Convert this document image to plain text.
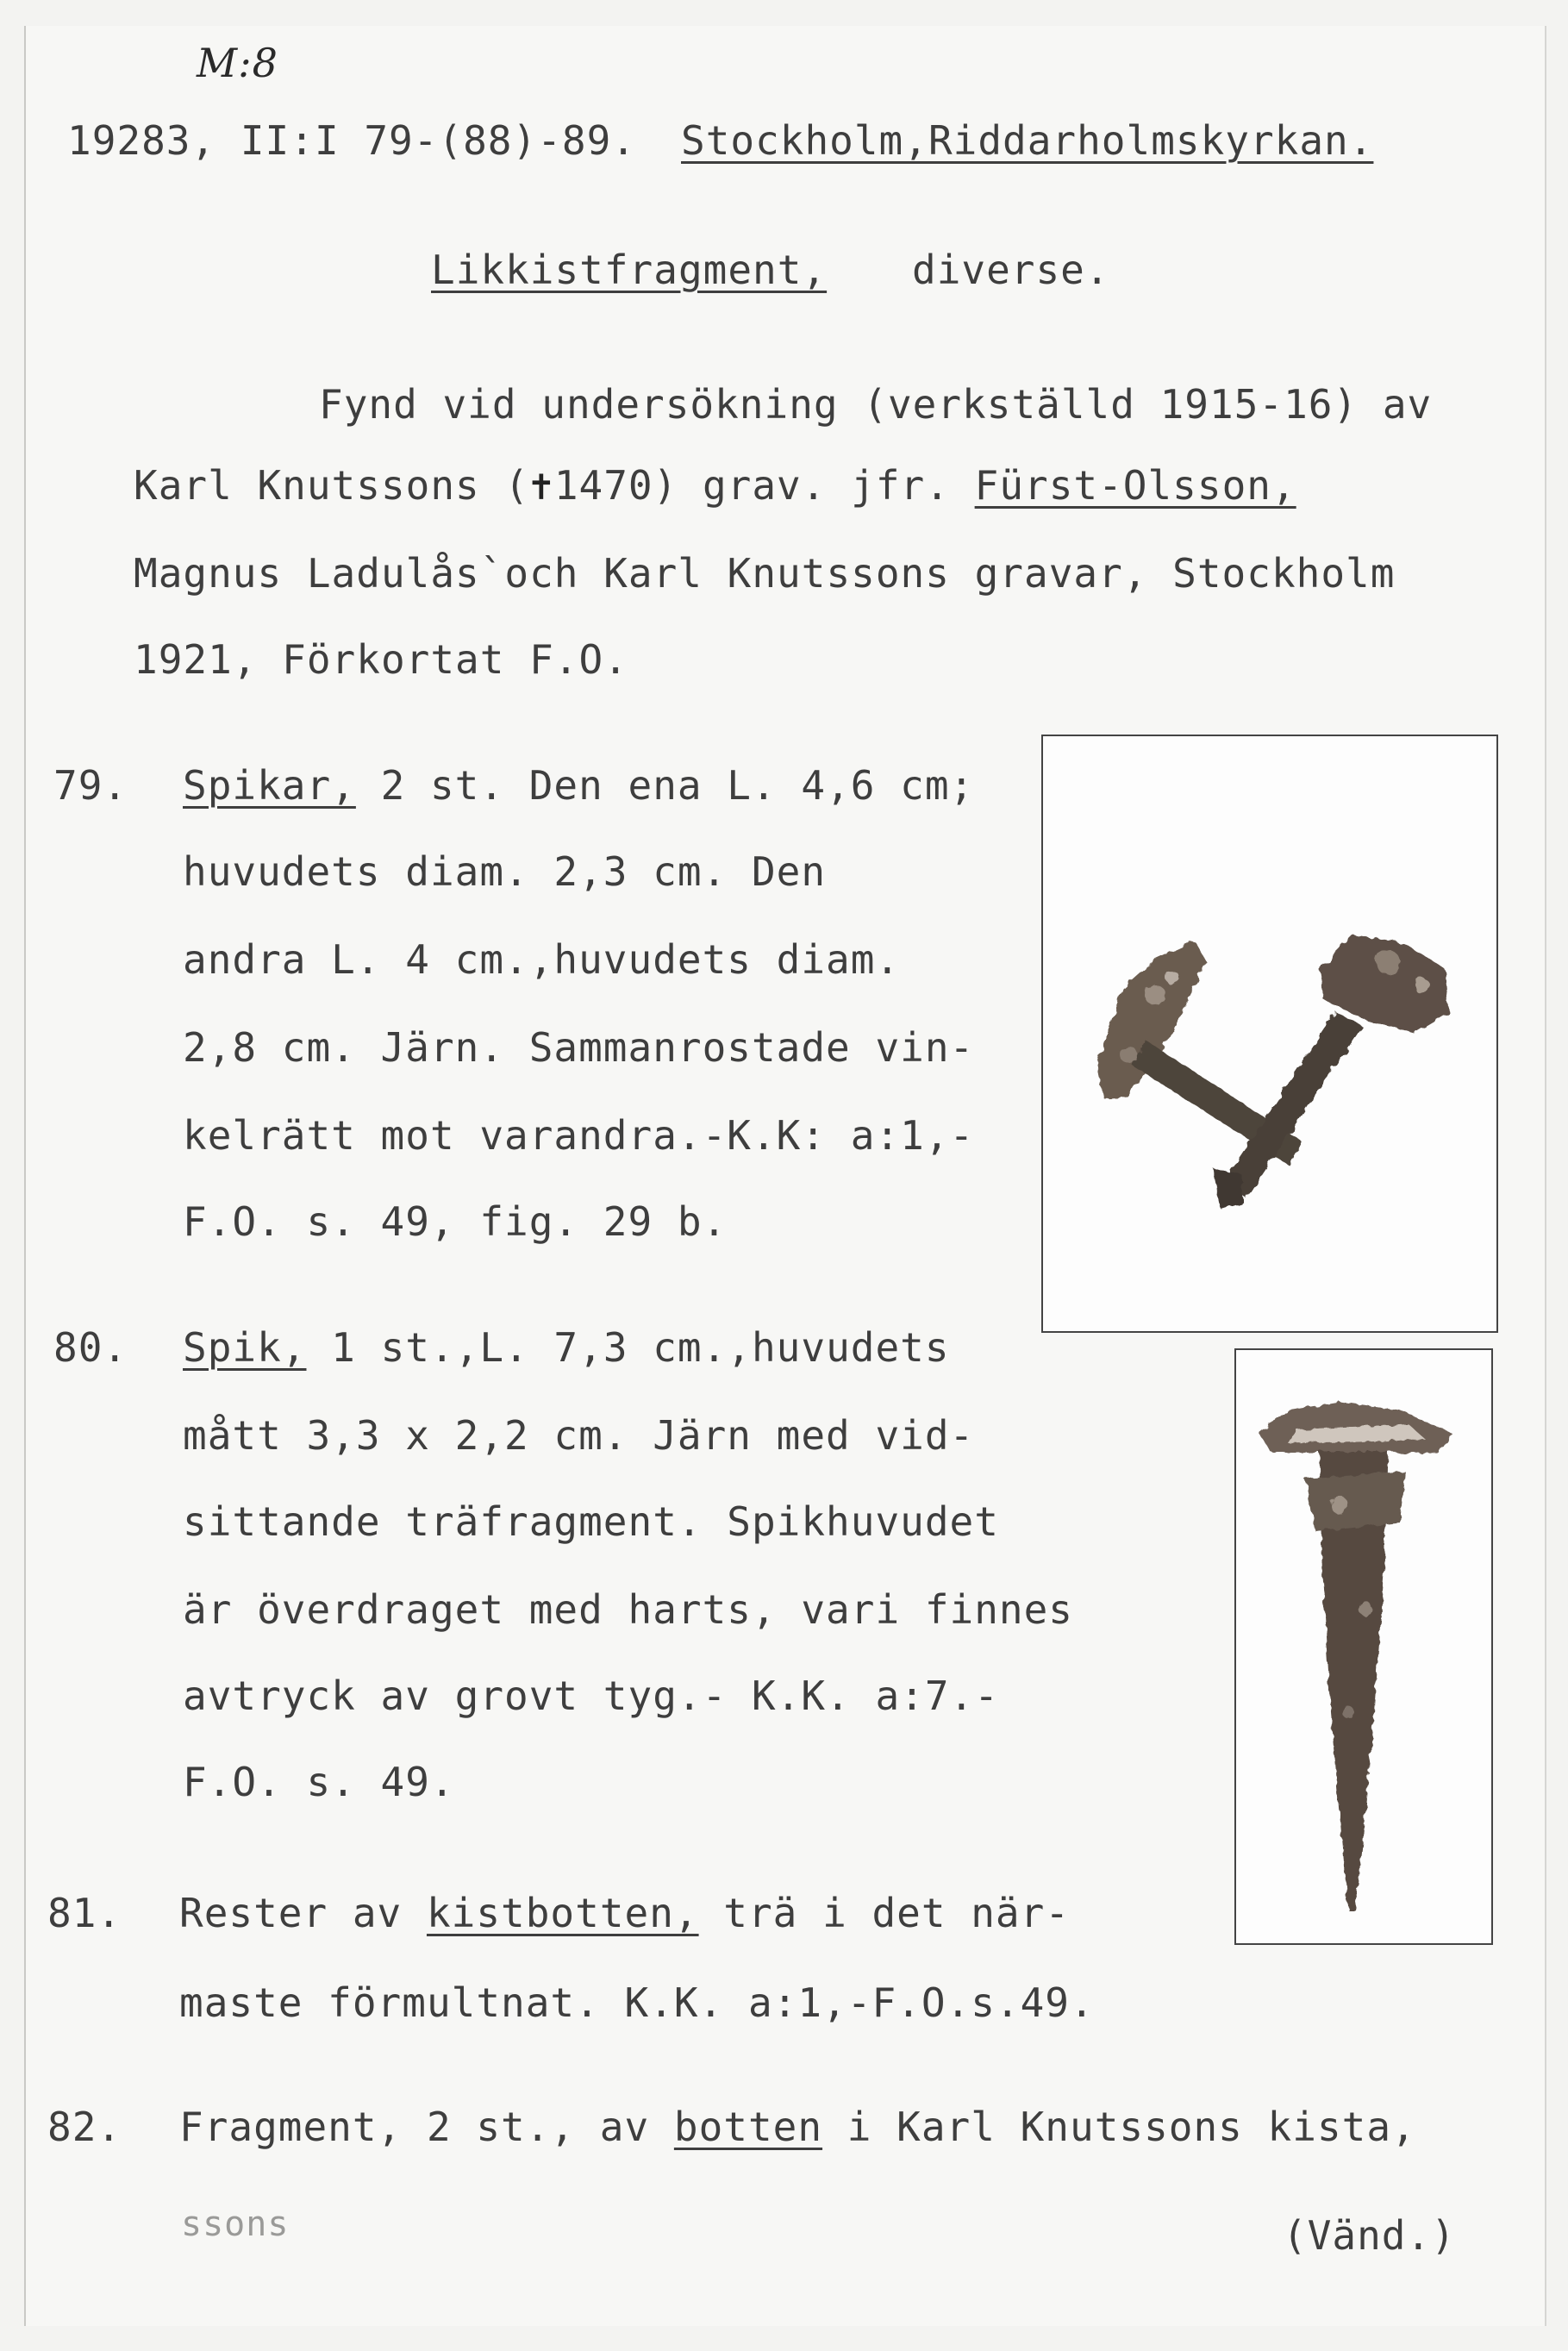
M:8
19283, II:I 79-(88)-89. Stockholm,Riddarholmskyrkan.
Likkistfragment, diverse.
Fynd vid undersökning (verkställd 1915-16) av
Karl Knutssons (✝1470) grav. jfr. Fürst-Olsson,
Magnus Ladulås`och Karl Knutssons gravar, Stockholm
1921, Förkortat F.O.
79. Spikar, 2 st. Den ena L. 4,6 cm;
huvudets diam. 2,3 cm. Den
andra L. 4 cm.,huvudets diam.
2,8 cm. Järn. Sammanrostade vin-
kelrätt mot varandra.-K.K: a:1,-
F.O. s. 49, fig. 29 b.
80. Spik, 1 st.,L. 7,3 cm.,huvudets
mått 3,3 x 2,2 cm. Järn med vid-
sittande träfragment. Spikhuvudet
är överdraget med harts, vari finnes
avtryck av grovt tyg.- K.K. a:7.-
F.O. s. 49.
81. Rester av kistbotten, trä i det när-
maste förmultnat. K.K. a:1,-F.O.s.49.
82. Fragment, 2 st., av botten i Karl Knutssons kista,
ssons	(Vänd.)
